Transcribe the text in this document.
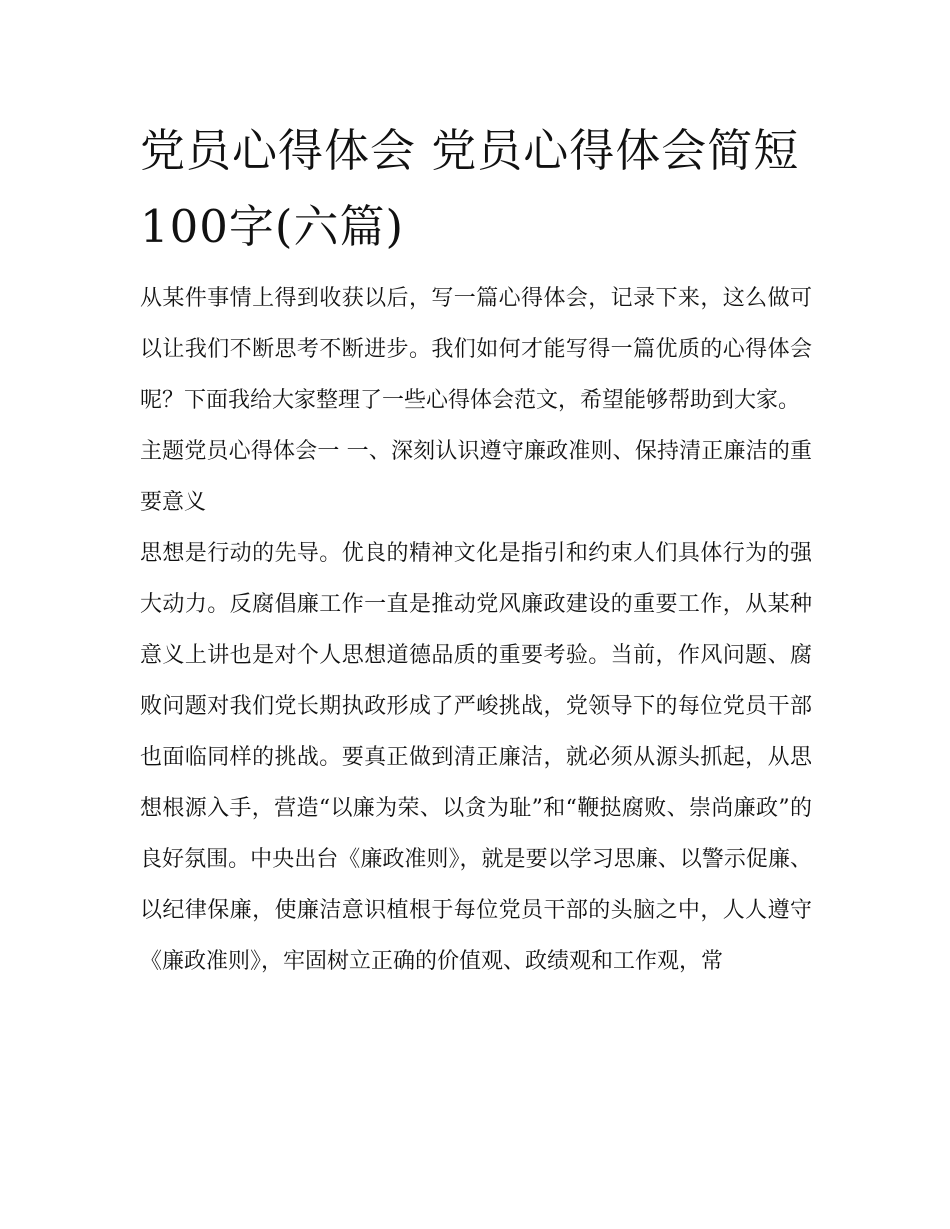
党员心得体会 党员心得体会简短100字(六篇)

从某件事情上得到收获以后，写一篇心得体会，记录下来，这么做可以让我们不断思考不断进步。我们如何才能写得一篇优质的心得体会呢？下面我给大家整理了一些心得体会范文，希望能够帮助到大家。

主题党员心得体会一 一、深刻认识遵守廉政准则、保持清正廉洁的重要意义

思想是行动的先导。优良的精神文化是指引和约束人们具体行为的强大动力。反腐倡廉工作一直是推动党风廉政建设的重要工作，从某种意义上讲也是对个人思想道德品质的重要考验。当前，作风问题、腐败问题对我们党长期执政形成了严峻挑战，党领导下的每位党员干部也面临同样的挑战。要真正做到清正廉洁，就必须从源头抓起，从思想根源入手，营造“以廉为荣、以贪为耻”和“鞭挞腐败、崇尚廉政”的良好氛围。中央出台《廉政准则》，就是要以学习思廉、以警示促廉、以纪律保廉，使廉洁意识植根于每位党员干部的头脑之中，人人遵守《廉政准则》，牢固树立正确的价值观、政绩观和工作观，常
